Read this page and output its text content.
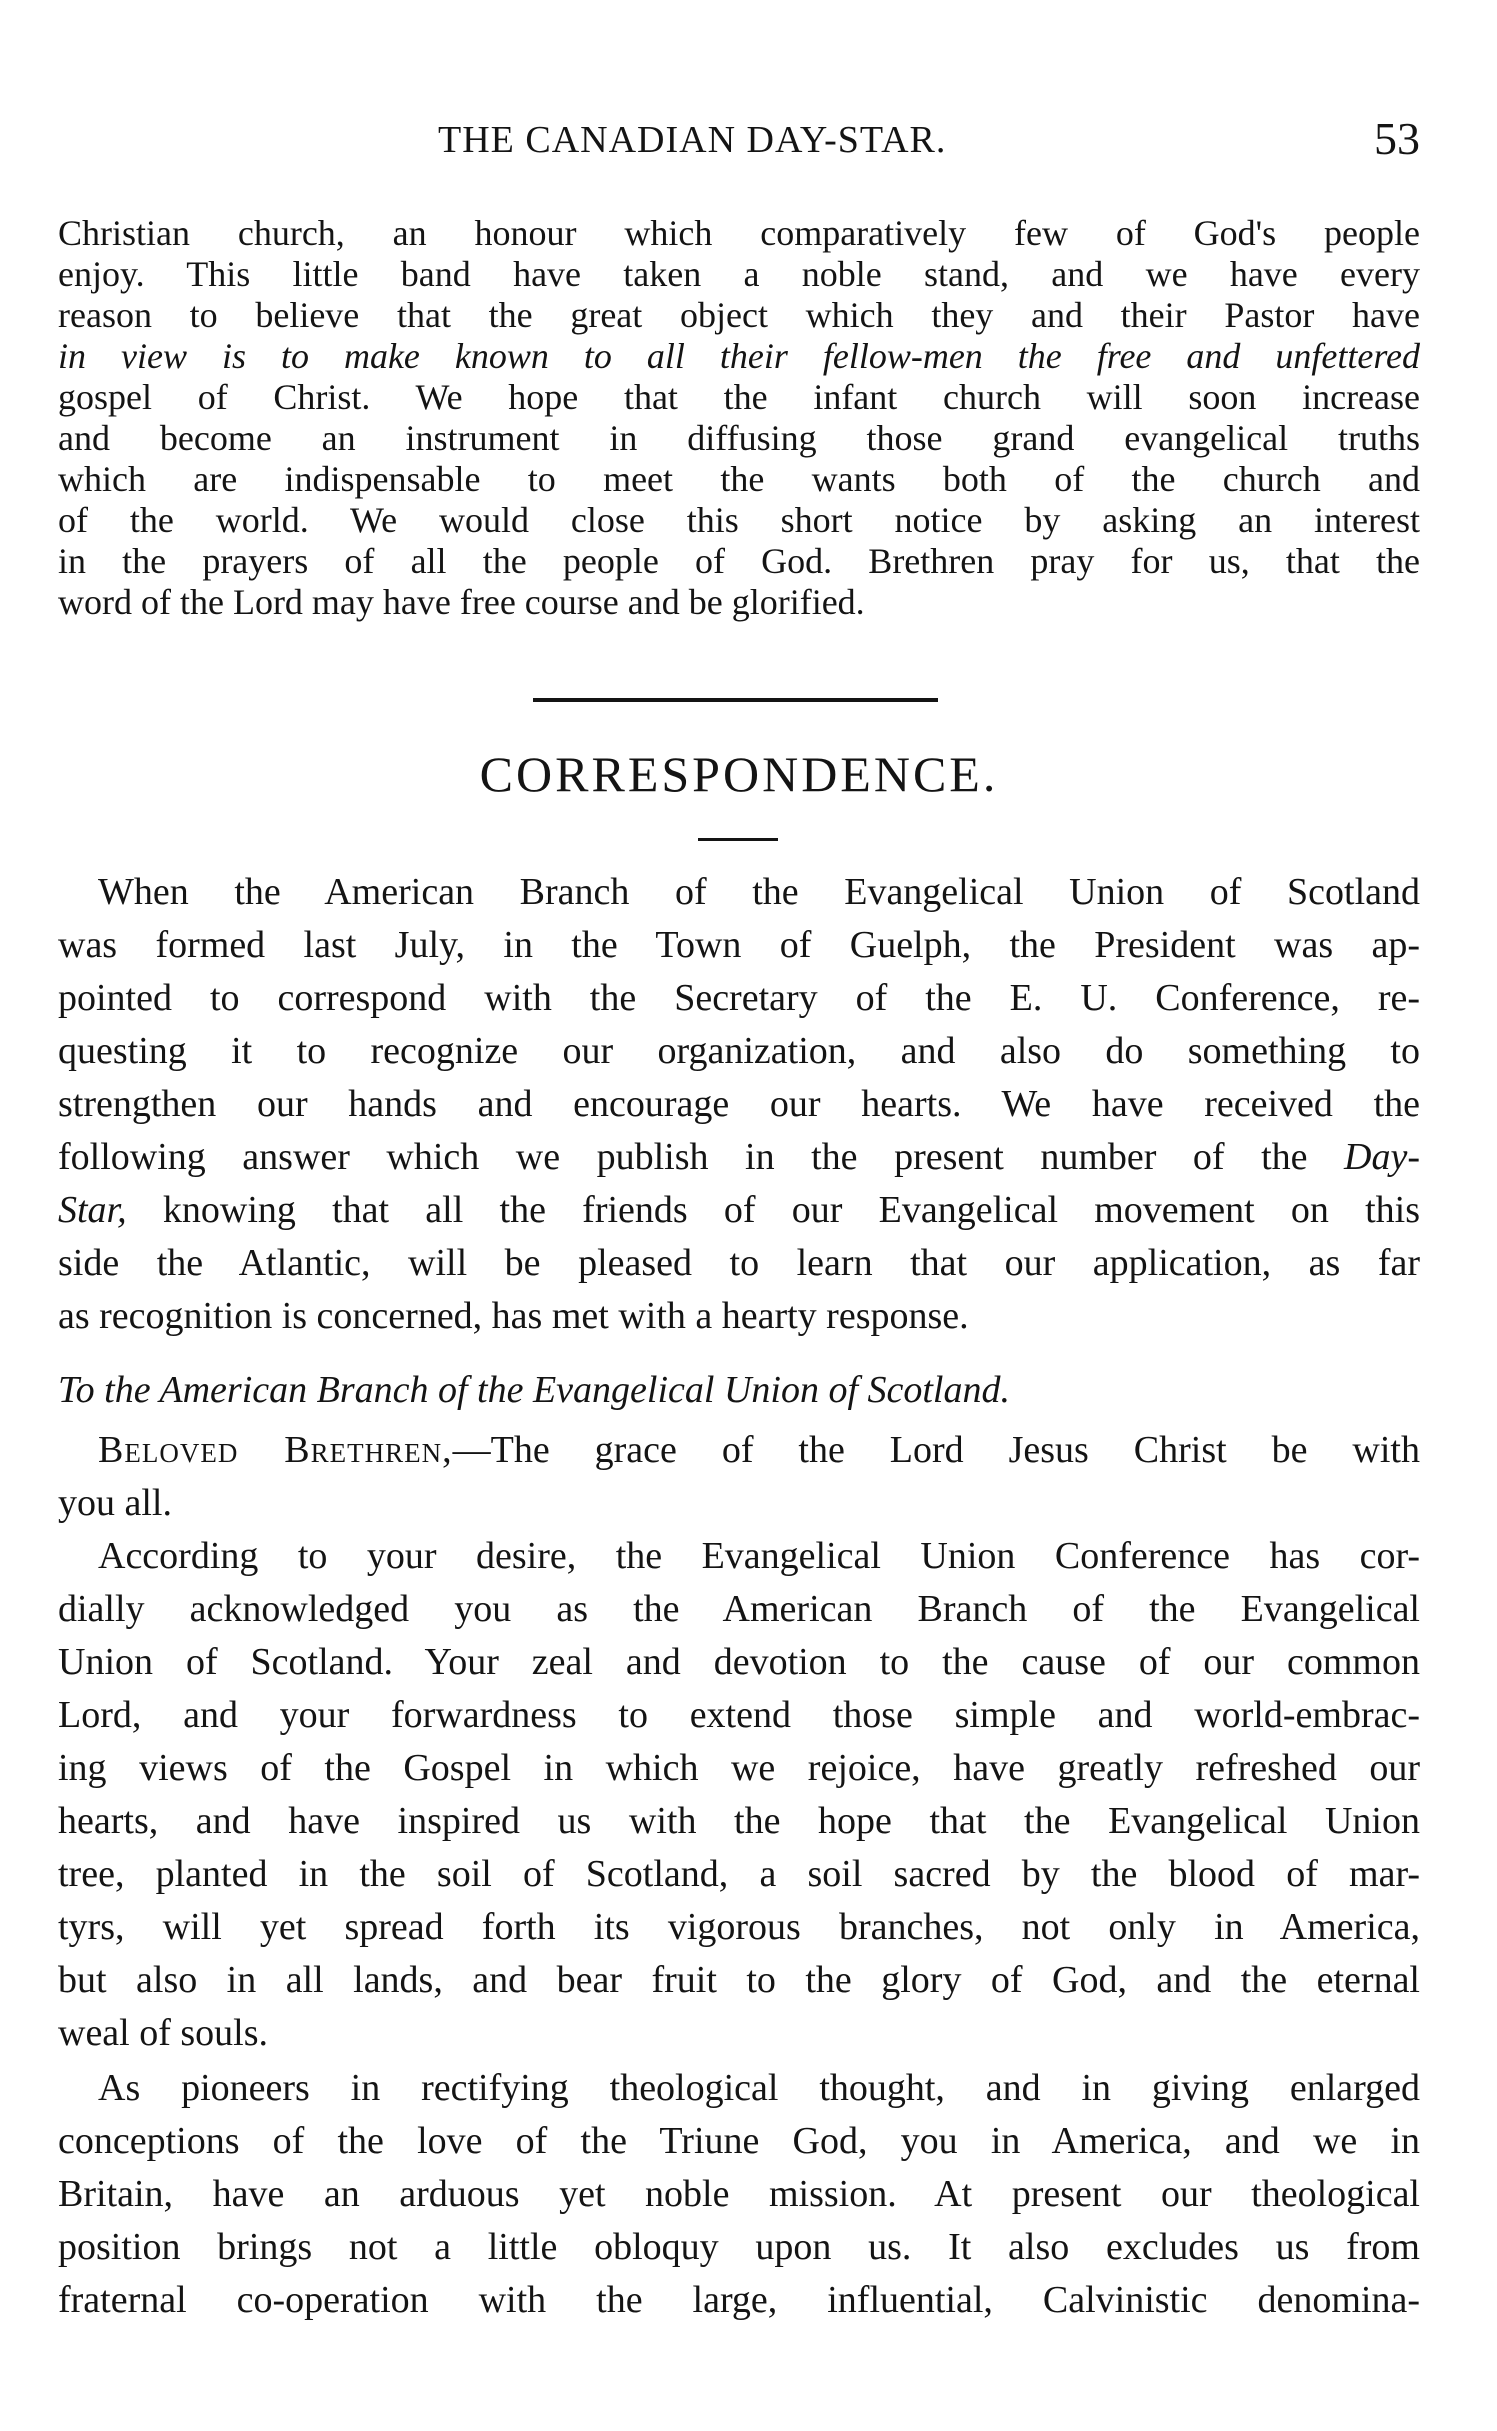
THE CANADIAN DAY-STAR.	53
Christian church, an honour which comparatively few of God's people
enjoy. This little band have taken a noble stand, and we have every
reason to believe that the great object which they and their Pastor have
in view is to make known to all their fellow-men the free and unfettered
gospel of Christ. We hope that the infant church will soon increase
and become an instrument in diffusing those grand evangelical truths
which are indispensable to meet the wants both of the church and
of the world. We would close this short notice by asking an interest
in the prayers of all the people of God. Brethren pray for us, that the
word of the Lord may have free course and be glorified.
CORRESPONDENCE.
When the American Branch of the Evangelical Union of Scotland
was formed last July, in the Town of Guelph, the President was ap-
pointed to correspond with the Secretary of the E. U. Conference, re-
questing it to recognize our organization, and also do something to
strengthen our hands and encourage our hearts. We have received the
following answer which we publish in the present number of the Day-
Star, knowing that all the friends of our Evangelical movement on this
side the Atlantic, will be pleased to learn that our application, as far
as recognition is concerned, has met with a hearty response.
To the American Branch of the Evangelical Union of Scotland.
Beloved Brethren,—The grace of the Lord Jesus Christ be with
you all.
According to your desire, the Evangelical Union Conference has cor-
dially acknowledged you as the American Branch of the Evangelical
Union of Scotland. Your zeal and devotion to the cause of our common
Lord, and your forwardness to extend those simple and world-embrac-
ing views of the Gospel in which we rejoice, have greatly refreshed our
hearts, and have inspired us with the hope that the Evangelical Union
tree, planted in the soil of Scotland, a soil sacred by the blood of mar-
tyrs, will yet spread forth its vigorous branches, not only in America,
but also in all lands, and bear fruit to the glory of God, and the eternal
weal of souls.
As pioneers in rectifying theological thought, and in giving enlarged
conceptions of the love of the Triune God, you in America, and we in
Britain, have an arduous yet noble mission. At present our theological
position brings not a little obloquy upon us. It also excludes us from
fraternal co-operation with the large, influential, Calvinistic denomina-
